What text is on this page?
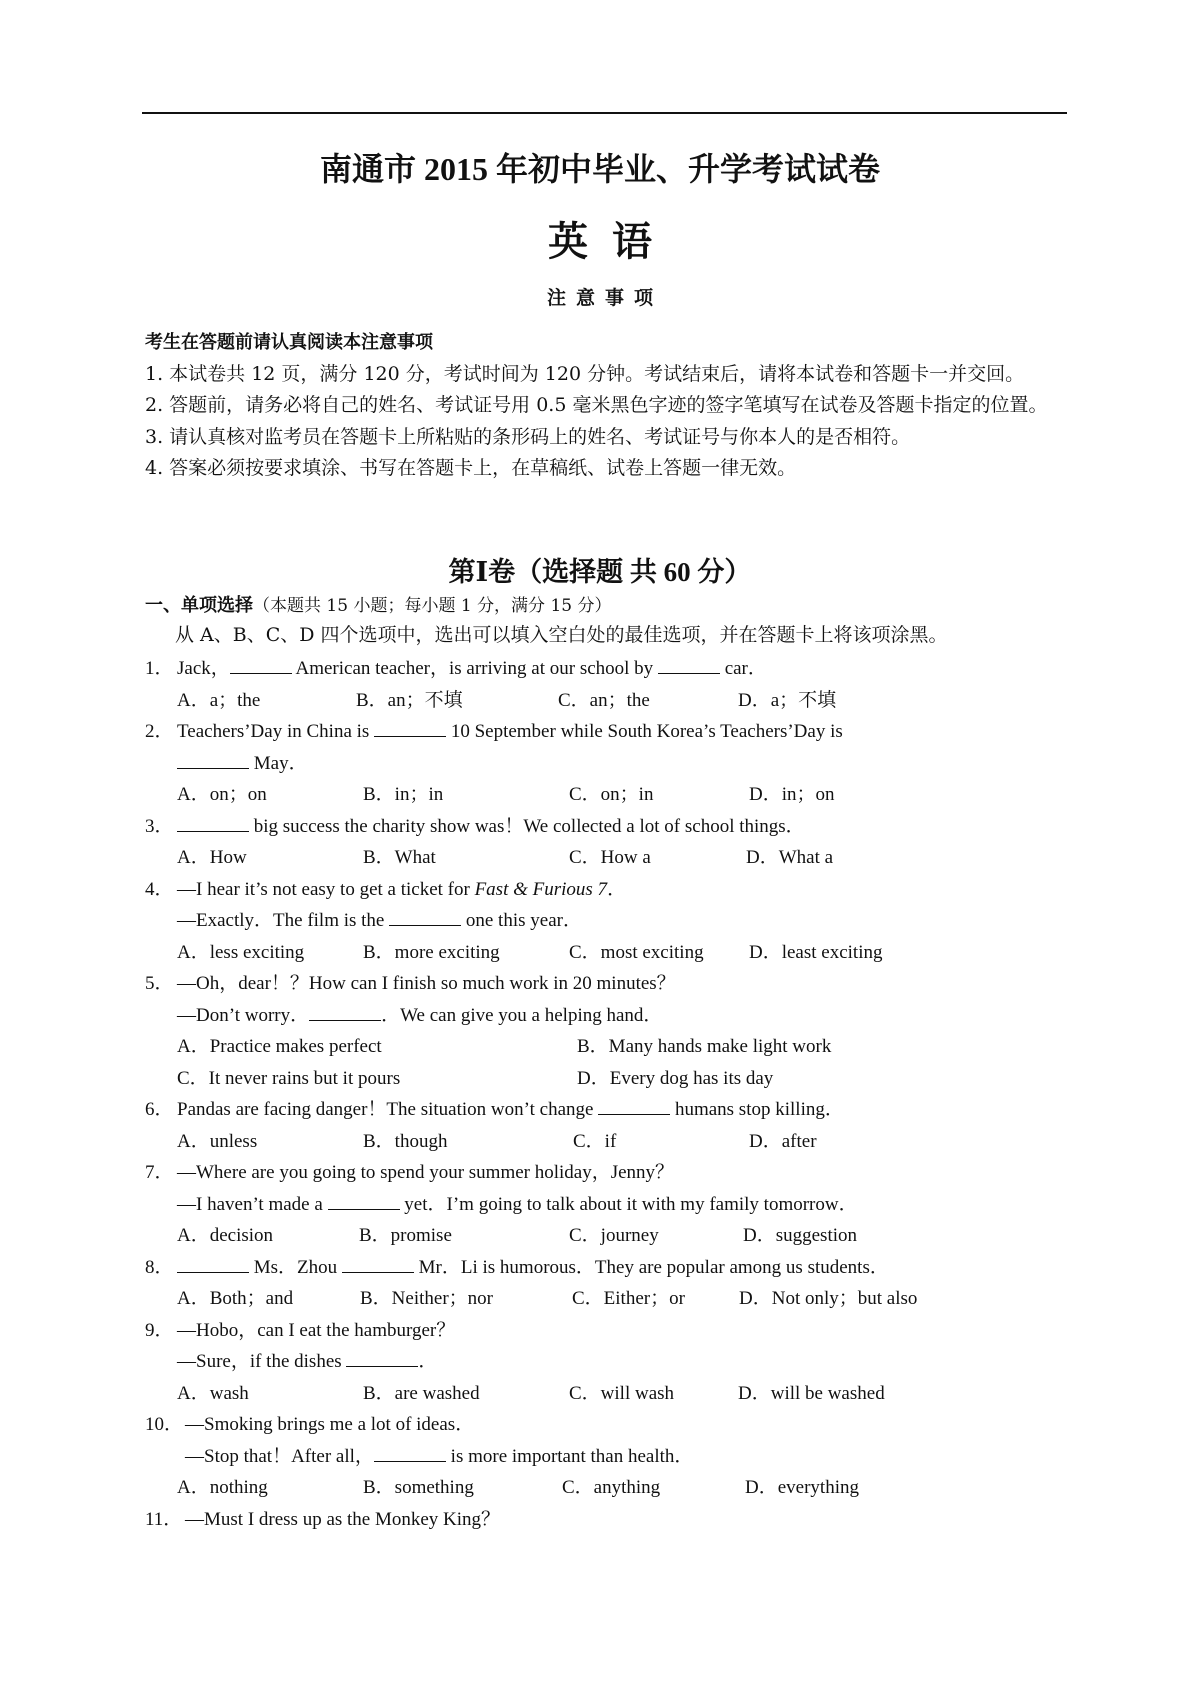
南通市 2015 年初中毕业、升学考试试卷
英语
注意事项
考生在答题前请认真阅读本注意事项

1. 本试卷共 12 页，满分 120 分，考试时间为 120 分钟。考试结束后，请将本试卷和答题卡一并交回。

2. 答题前，请务必将自己的姓名、考试证号用 0.5 毫米黑色字迹的签字笔填写在试卷及答题卡指定的位置。

3. 请认真核对监考员在答题卡上所粘贴的条形码上的姓名、考试证号与你本人的是否相符。

4. 答案必须按要求填涂、书写在答题卡上，在草稿纸、试卷上答题一律无效。

第Ⅰ卷（选择题 共 60 分）
一、单项选择（本题共 15 小题；每小题 1 分，满分 15 分）
从 A、B、C、D 四个选项中，选出可以填入空白处的最佳选项，并在答题卡上将该项涂黑。
1． Jack，	American teacher，is arriving at our school by	car．
A．a；the	B．an；不填	C．an；the	D．a；不填
2． Teachers’Day in China is	10 September while South Korea’s Teachers’Day is
May．
A．on；on	B．in；in	C．on；in	D．in；on
3．	big success the charity show was！We collected a lot of school things．
A．How	B．What	C．How a	D．What a
4． —I hear it’s not easy to get a ticket for Fast & Furious 7．
—Exactly．The film is the	one this year．
A．less exciting	B．more exciting	C．most exciting D．least exciting
5． —Oh，dear！？How can I finish so much work in 20 minutes？
—Don’t worry．	．We can give you a helping hand．
A．Practice makes perfect	B．Many hands make light work
C．It never rains but it pours	D．Every dog has its day
6． Pandas are facing danger！The situation won’t change	humans stop killing．
A．unless	B．though	C．if	D．after
7． —Where are you going to spend your summer holiday，Jenny？
—I haven’t made a	yet．I’m going to talk about it with my family tomorrow．
A．decision	B．promise	C．journey	D．suggestion
8．	Ms．Zhou	Mr．Li is humorous．They are popular among us students．
A．Both；and	B．Neither；nor	C．Either；or	D．Not only；but also
9． —Hobo，can I eat the hamburger？
—Sure，if the dishes	．
A．wash	B．are washed	C．will wash	D．will be washed
10． —Smoking brings me a lot of ideas．
—Stop that！After all，	is more important than health．
A．nothing	B．something	C．anything	D．everything
11． —Must I dress up as the Monkey King？
